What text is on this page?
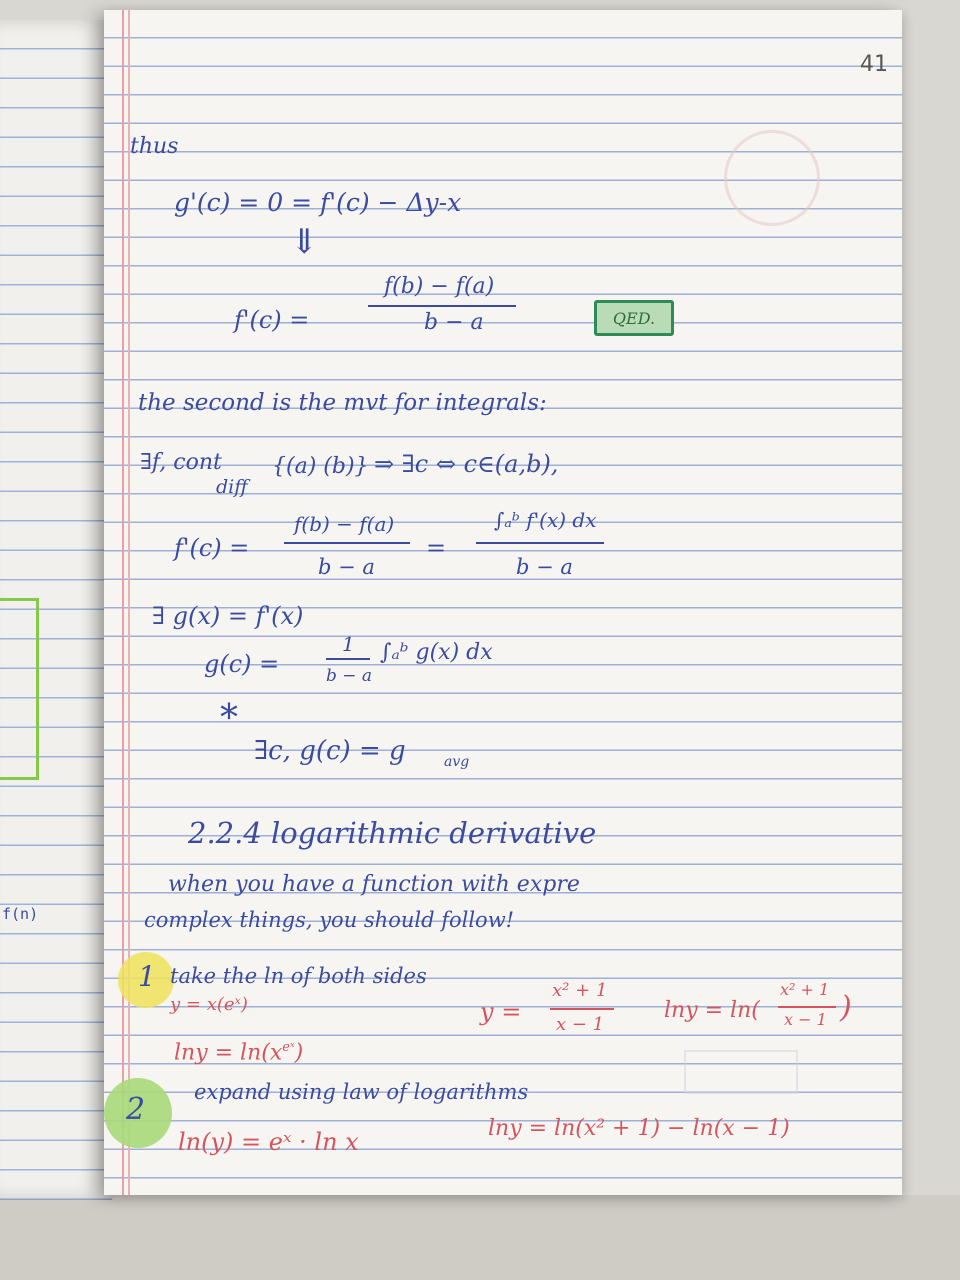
f(n)
41
thus
g'(c) = 0 = f'(c) − Δy-x
⇓
f'(c) =
f(b) − f(a)
b − a	QED.
the second is the mvt for integrals:
∃f, cont
diff
{(a) (b)} ⇒ ∃c ⇔ c∈(a,b),
f'(c) =
f(b) − f(a)
b − a
=
∫ₐᵇ f'(x) dx
b − a
∃ g(x) = f'(x)
g(c) =
1
b − a
∫ₐᵇ g(x) dx
*
∃c, g(c) = g	avg
2.2.4 logarithmic derivative
when you have a function with expre
complex things, you should follow!
1 take the ln of both sides
y = x(eˣ)
$\ln y = \ln(x^{eˣ})$
y =
x² + 1
x − 1
lny = ln(
x² + 1
x − 1 )
2 expand using law of logarithms
ln(y) = eˣ · ln x	lny = ln(x² + 1) − ln(x − 1)
